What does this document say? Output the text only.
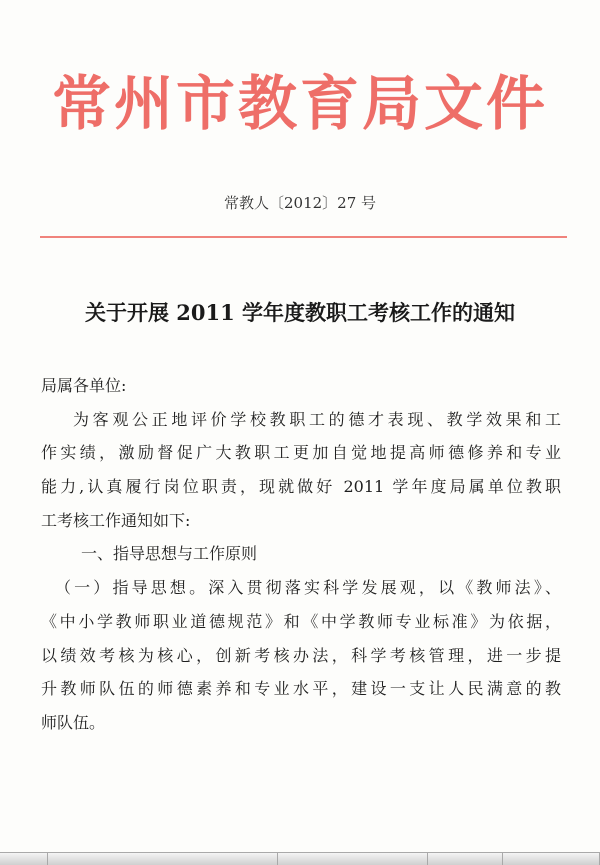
常州市教育局文件
常教人〔2012〕27 号
关于开展 2011 学年度教职工考核工作的通知
局属各单位:
为客观公正地评价学校教职工的德才表现、教学效果和工
作实绩，激励督促广大教职工更加自觉地提高师德修养和专业
能力,认真履行岗位职责，现就做好 2011 学年度局属单位教职
工考核工作通知如下:
一、指导思想与工作原则
（一）指导思想。深入贯彻落实科学发展观，以《教师法》、
《中小学教师职业道德规范》和《中学教师专业标准》为依据，
以绩效考核为核心，创新考核办法，科学考核管理，进一步提
升教师队伍的师德素养和专业水平，建设一支让人民满意的教
师队伍。
